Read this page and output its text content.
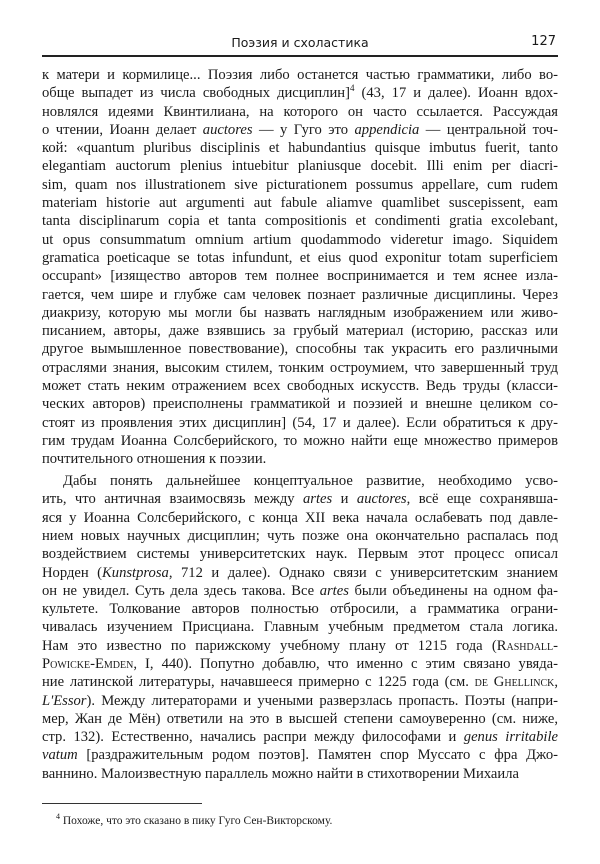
Поэзия и схоластика	127
к матери и кормилице... Поэзия либо останется частью грамматики, либо во-
обще выпадет из числа свободных дисциплин]$^4$ (43, 17 и далее). Иоанн вдох-
новлялся идеями Квинтилиана, на которого он часто ссылается. Рассуждая
о чтении, Иоанн делает auctores — у Гуго это appendicia — центральной точ-
кой: «quantum pluribus disciplinis et habundantius quisque imbutus fuerit, tanto
elegantiam auctorum plenius intuebitur planiusque docebit. Illi enim per diacri-
sim, quam nos illustrationem sive picturationem possumus appellare, cum rudem
materiam historie aut argumenti aut fabule aliamve quamlibet suscepissent, eam
tanta disciplinarum copia et tanta compositionis et condimenti gratia excolebant,
ut opus consummatum omnium artium quodammodo videretur imago. Siquidem
gramatica poeticaque se totas infundunt, et eius quod exponitur totam superficiem
occupant» [изящество авторов тем полнее воспринимается и тем яснее изла-
гается, чем шире и глубже сам человек познает различные дисциплины. Через
диакризу, которую мы могли бы назвать наглядным изображением или живо-
писанием, авторы, даже взявшись за грубый материал (историю, рассказ или
другое вымышленное повествование), способны так украсить его различными
отраслями знания, высоким стилем, тонким остроумием, что завершенный труд
может стать неким отражением всех свободных искусств. Ведь труды (класси-
ческих авторов) преисполнены грамматикой и поэзией и внешне целиком со-
стоят из проявления этих дисциплин] (54, 17 и далее). Если обратиться к дру-
гим трудам Иоанна Солсберийского, то можно найти еще множество примеров
почтительного отношения к поэзии.
Дабы понять дальнейшее концептуальное развитие, необходимо усво-
ить, что античная взаимосвязь между artes и auctores, всё еще сохранявша-
яся у Иоанна Солсберийского, с конца XII века начала ослабевать под давле-
нием новых научных дисциплин; чуть позже она окончательно распалась под
воздействием системы университетских наук. Первым этот процесс описал
Норден (Kunstprosa, 712 и далее). Однако связи с университетским знанием
он не увидел. Суть дела здесь такова. Все artes были объединены на одном фа-
культете. Толкование авторов полностью отбросили, а грамматика ограни-
чивалась изучением Присциана. Главным учебным предметом стала логика.
Нам это известно по парижскому учебному плану от 1215 года (Rashdall-
Powicke-Emden, I, 440). Попутно добавлю, что именно с этим связано увяда-
ние латинской литературы, начавшееся примерно с 1225 года (см. de Ghellinck,
L'Essor). Между литераторами и учеными разверзлась пропасть. Поэты (напри-
мер, Жан де Мён) ответили на это в высшей степени самоуверенно (см. ниже,
стр. 132). Естественно, начались распри между философами и genus irritabile
vatum [раздражительным родом поэтов]. Памятен спор Муссато с фра Джо-
ваннино. Малоизвестную параллель можно найти в стихотворении Михаила
$^4$ Похоже, что это сказано в пику Гуго Сен-Викторскому.
